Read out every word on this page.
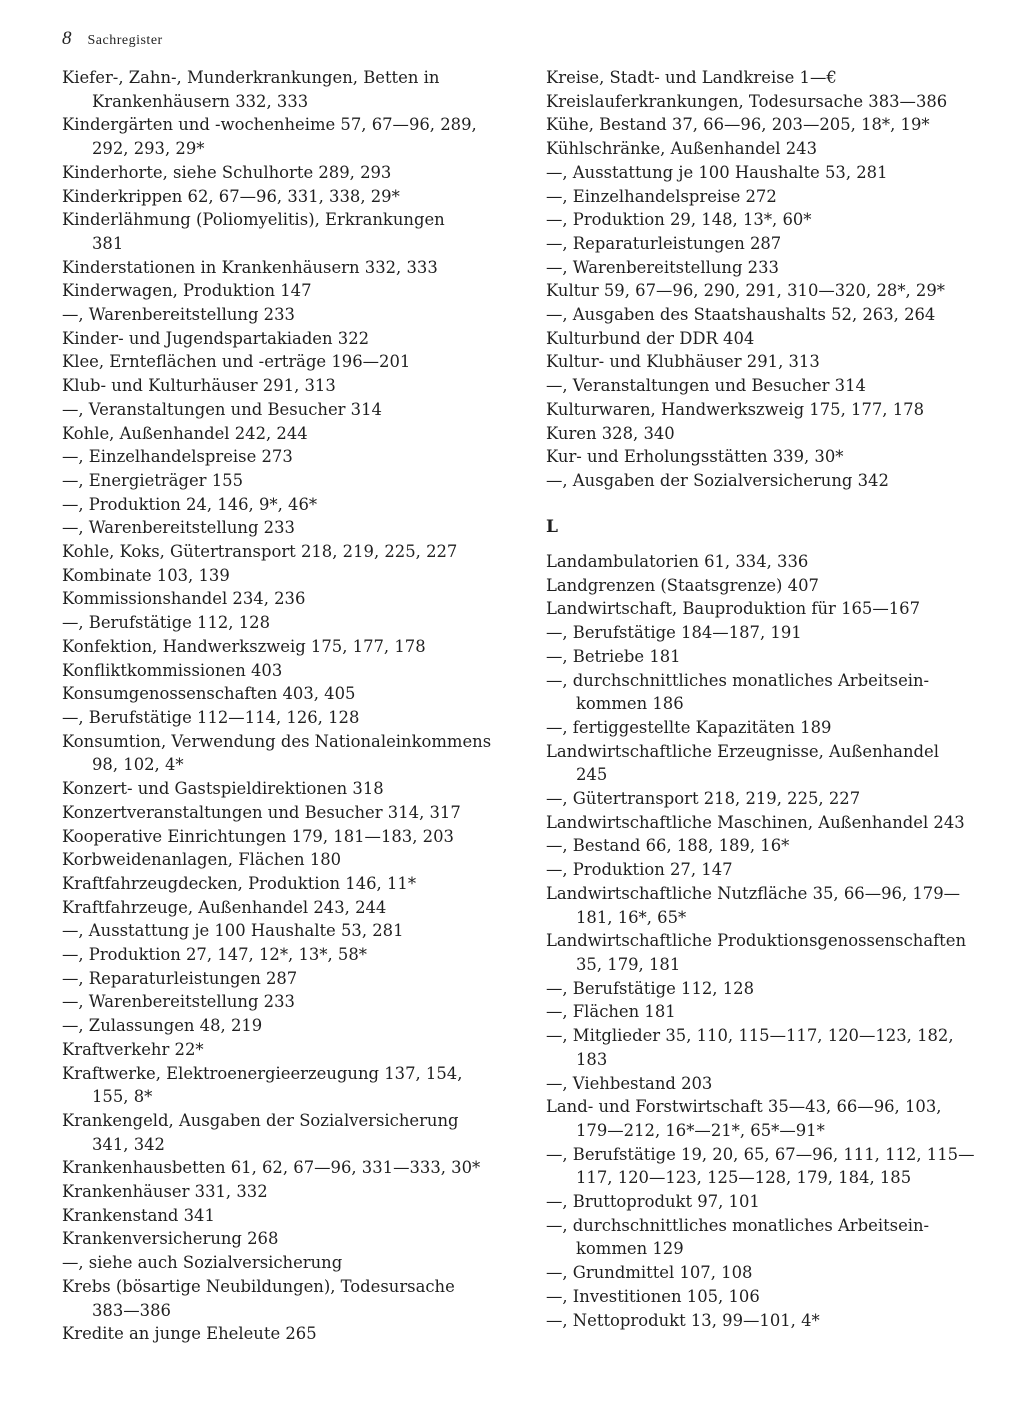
8 Sachregister
Kiefer-, Zahn-, Munderkrankungen, Betten in
Krankenhäusern 332, 333
Kindergärten und -wochenheime 57, 67—96, 289,
292, 293, 29*
Kinderhorte, siehe Schulhorte 289, 293
Kinderkrippen 62, 67—96, 331, 338, 29*
Kinderlähmung (Poliomyelitis), Erkrankungen
381
Kinderstationen in Krankenhäusern 332, 333
Kinderwagen, Produktion 147
—, Warenbereitstellung 233
Kinder- und Jugendspartakiaden 322
Klee, Ernteflächen und -erträge 196—201
Klub- und Kulturhäuser 291, 313
—, Veranstaltungen und Besucher 314
Kohle, Außenhandel 242, 244
—, Einzelhandelspreise 273
—, Energieträger 155
—, Produktion 24, 146, 9*, 46*
—, Warenbereitstellung 233
Kohle, Koks, Gütertransport 218, 219, 225, 227
Kombinate 103, 139
Kommissionshandel 234, 236
—, Berufstätige 112, 128
Konfektion, Handwerkszweig 175, 177, 178
Konfliktkommissionen 403
Konsumgenossenschaften 403, 405
—, Berufstätige 112—114, 126, 128
Konsumtion, Verwendung des Nationaleinkommens
98, 102, 4*
Konzert- und Gastspieldirektionen 318
Konzertveranstaltungen und Besucher 314, 317
Kooperative Einrichtungen 179, 181—183, 203
Korbweidenanlagen, Flächen 180
Kraftfahrzeugdecken, Produktion 146, 11*
Kraftfahrzeuge, Außenhandel 243, 244
—, Ausstattung je 100 Haushalte 53, 281
—, Produktion 27, 147, 12*, 13*, 58*
—, Reparaturleistungen 287
—, Warenbereitstellung 233
—, Zulassungen 48, 219
Kraftverkehr 22*
Kraftwerke, Elektroenergieerzeugung 137, 154,
155, 8*
Krankengeld, Ausgaben der Sozialversicherung
341, 342
Krankenhausbetten 61, 62, 67—96, 331—333, 30*
Krankenhäuser 331, 332
Krankenstand 341
Krankenversicherung 268
—, siehe auch Sozialversicherung
Krebs (bösartige Neubildungen), Todesursache
383—386
Kredite an junge Eheleute 265
Kreise, Stadt- und Landkreise 1—€
Kreislauferkrankungen, Todesursache 383—386
Kühe, Bestand 37, 66—96, 203—205, 18*, 19*
Kühlschränke, Außenhandel 243
—, Ausstattung je 100 Haushalte 53, 281
—, Einzelhandelspreise 272
—, Produktion 29, 148, 13*, 60*
—, Reparaturleistungen 287
—, Warenbereitstellung 233
Kultur 59, 67—96, 290, 291, 310—320, 28*, 29*
—, Ausgaben des Staatshaushalts 52, 263, 264
Kulturbund der DDR 404
Kultur- und Klubhäuser 291, 313
—, Veranstaltungen und Besucher 314
Kulturwaren, Handwerkszweig 175, 177, 178
Kuren 328, 340
Kur- und Erholungsstätten 339, 30*
—, Ausgaben der Sozialversicherung 342
L
Landambulatorien 61, 334, 336
Landgrenzen (Staatsgrenze) 407
Landwirtschaft, Bauproduktion für 165—167
—, Berufstätige 184—187, 191
—, Betriebe 181
—, durchschnittliches monatliches Arbeitsein-
kommen 186
—, fertiggestellte Kapazitäten 189
Landwirtschaftliche Erzeugnisse, Außenhandel
245
—, Gütertransport 218, 219, 225, 227
Landwirtschaftliche Maschinen, Außenhandel 243
—, Bestand 66, 188, 189, 16*
—, Produktion 27, 147
Landwirtschaftliche Nutzfläche 35, 66—96, 179—
181, 16*, 65*
Landwirtschaftliche Produktionsgenossenschaften
35, 179, 181
—, Berufstätige 112, 128
—, Flächen 181
—, Mitglieder 35, 110, 115—117, 120—123, 182,
183
—, Viehbestand 203
Land- und Forstwirtschaft 35—43, 66—96, 103,
179—212, 16*—21*, 65*—91*
—, Berufstätige 19, 20, 65, 67—96, 111, 112, 115—
117, 120—123, 125—128, 179, 184, 185
—, Bruttoprodukt 97, 101
—, durchschnittliches monatliches Arbeitsein-
kommen 129
—, Grundmittel 107, 108
—, Investitionen 105, 106
—, Nettoprodukt 13, 99—101, 4*
